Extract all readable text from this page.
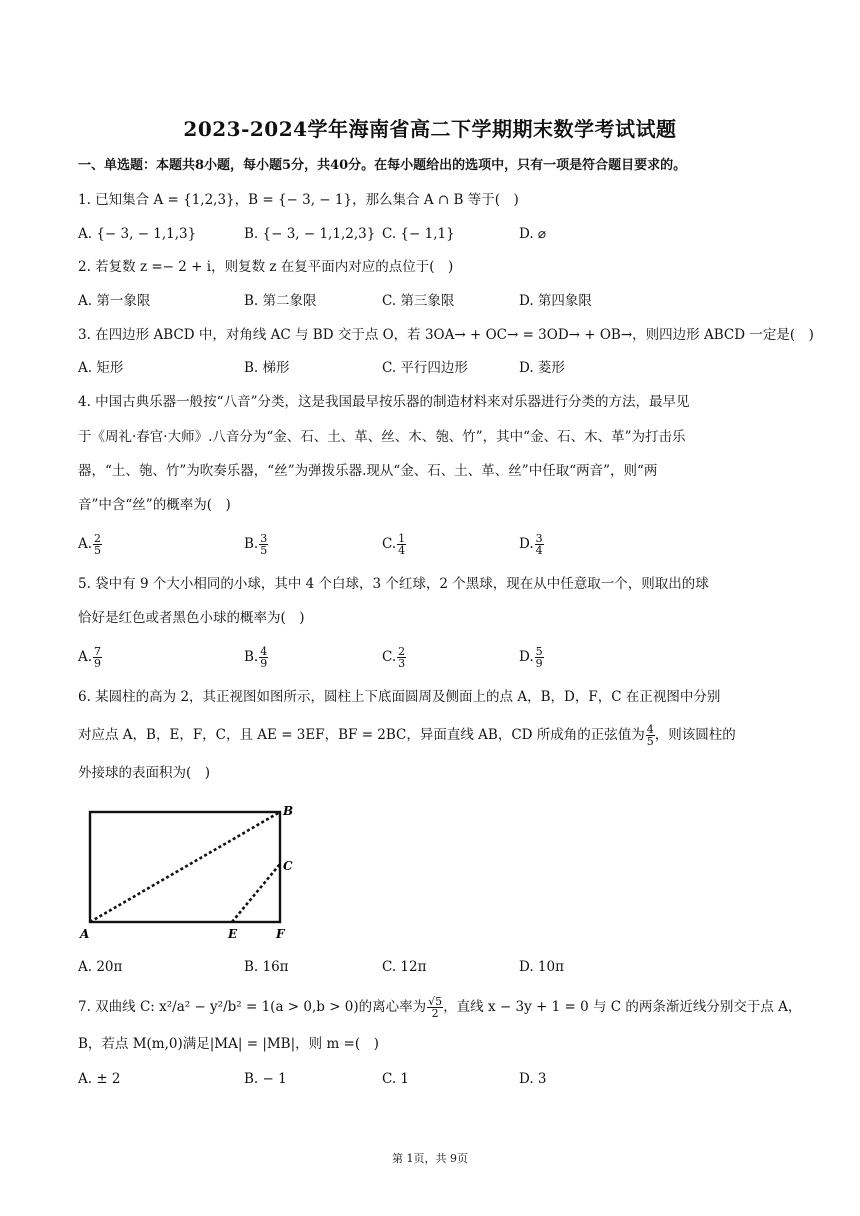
2023-2024学年海南省高二下学期期末数学考试试题
一、单选题：本题共8小题，每小题5分，共40分。在每小题给出的选项中，只有一项是符合题目要求的。
1. 已知集合 A = {1,2,3}，B = {− 3, − 1}，那么集合 A ∩ B 等于(　)
A. {− 3, − 1,1,3}	B. {− 3, − 1,1,2,3} C. {− 1,1}	D. ⌀
2. 若复数 z =− 2 + i，则复数 z 在复平面内对应的点位于(　)
A. 第一象限	B. 第二象限	C. 第三象限	D. 第四象限
3. 在四边形 ABCD 中，对角线 AC 与 BD 交于点 O，若 3OA→ + OC→ = 3OD→ + OB→，则四边形 ABCD 一定是(　)
A. 矩形	B. 梯形	C. 平行四边形	D. 菱形
4. 中国古典乐器一般按“八音”分类，这是我国最早按乐器的制造材料来对乐器进行分类的方法，最早见
于《周礼·春官·大师》.八音分为“金、石、土、革、丝、木、匏、竹”，其中“金、石、木、革”为打击乐
器，“土、匏、竹”为吹奏乐器，“丝”为弹拨乐器.现从“金、石、土、革、丝”中任取“两音”，则“两
音”中含“丝”的概率为(　)
A. $\frac{2}{5}$	B. $\frac{3}{5}$	C. $\frac{1}{4}$	D. $\frac{3}{4}$
5. 袋中有 9 个大小相同的小球，其中 4 个白球，3 个红球，2 个黑球，现在从中任意取一个，则取出的球
恰好是红色或者黑色小球的概率为(　)
A. $\frac{7}{9}$	B. $\frac{4}{9}$	C. $\frac{2}{3}$	D. $\frac{5}{9}$
6. 某圆柱的高为 2，其正视图如图所示，圆柱上下底面圆周及侧面上的点 A，B，D，F，C 在正视图中分别
对应点 A，B，E，F，C，且 AE = 3EF，BF = 2BC，异面直线 AB，CD 所成角的正弦值为 $\frac{4}{5}$ ，则该圆柱的
外接球的表面积为(　)
B
C
A	E	F
A. 20π	B. 16π	C. 12π	D. 10π
7. 双曲线 C: x²/a² − y²/b² = 1(a > 0,b > 0)的离心率为 $\frac{√5}{2}$ ，直线 x − 3y + 1 = 0 与 C 的两条渐近线分别交于点 A，
B，若点 M(m,0)满足|MA| = |MB|，则 m =(　)
A. ± 2	B. − 1	C. 1	D. 3
第 1页，共 9页
